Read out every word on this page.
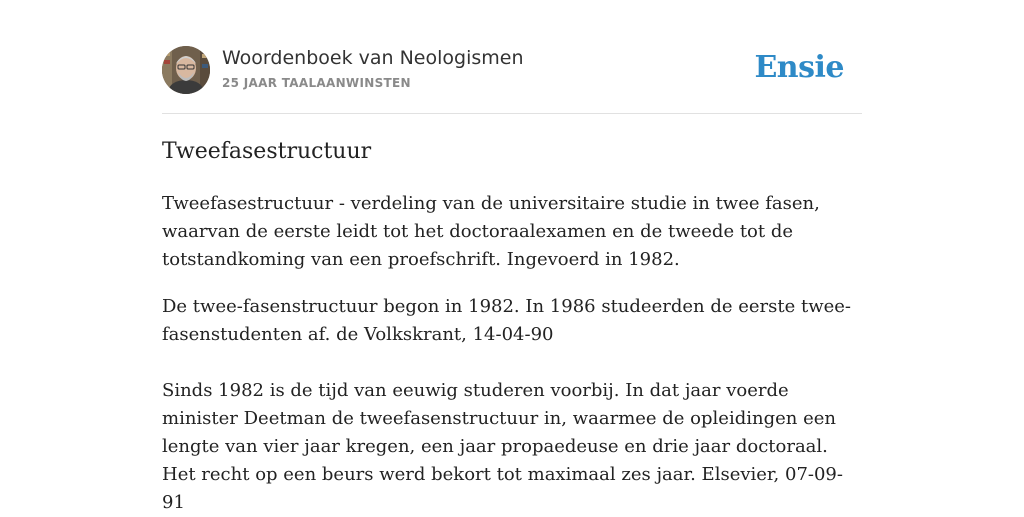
Woordenboek van Neologismen
25 JAAR TAALAANWINSTEN	Ensie
Tweefasestructuur

Tweefasestructuur - verdeling van de universitaire studie in twee fasen, waarvan de eerste leidt tot het doctoraalexamen en de tweede tot de totstandkoming van een proefschrift. Ingevoerd in 1982.

De twee-fasenstructuur begon in 1982. In 1986 studeerden de eerste twee-fasenstudenten af. de Volkskrant, 14-04-90

Sinds 1982 is de tijd van eeuwig studeren voorbij. In dat jaar voerde minister Deetman de tweefasenstructuur in, waarmee de opleidingen een lengte van vier jaar kregen, een jaar propaedeuse en drie jaar doctoraal. Het recht op een beurs werd bekort tot maximaal zes jaar. Elsevier, 07-09-91
